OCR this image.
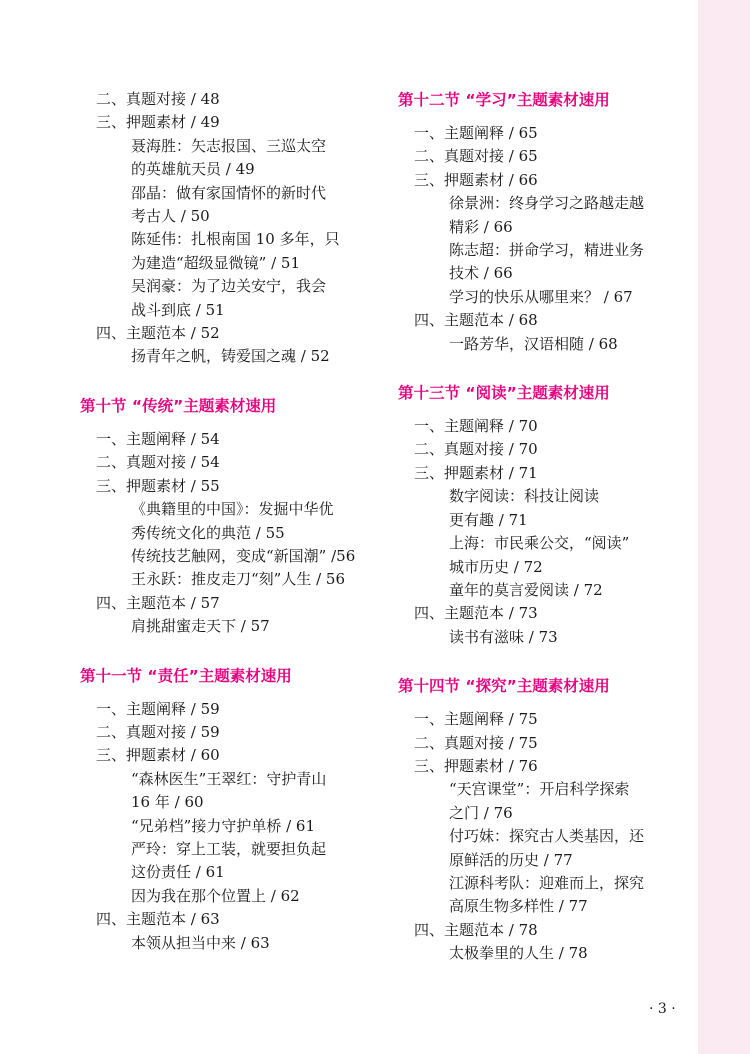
二、真题对接 / 48
三、押题素材 / 49
聂海胜：矢志报国、三巡太空
的英雄航天员 / 49
邵晶：做有家国情怀的新时代
考古人 / 50
陈延伟：扎根南国 10 多年，只
为建造“超级显微镜” / 51
吴润豪：为了边关安宁，我会
战斗到底 / 51
四、主题范本 / 52
扬青年之帆，铸爱国之魂 / 52
第十节 “传统”主题素材速用
一、主题阐释 / 54
二、真题对接 / 54
三、押题素材 / 55
《典籍里的中国》：发掘中华优
秀传统文化的典范 / 55
传统技艺触网，变成“新国潮” /56
王永跃：推皮走刀“刻”人生 / 56
四、主题范本 / 57
肩挑甜蜜走天下 / 57
第十一节 “责任”主题素材速用
一、主题阐释 / 59
二、真题对接 / 59
三、押题素材 / 60
“森林医生”王翠红：守护青山
16 年 / 60
“兄弟档”接力守护单桥 / 61
严玲：穿上工装，就要担负起
这份责任 / 61
因为我在那个位置上 / 62
四、主题范本 / 63
本领从担当中来 / 63
第十二节 “学习”主题素材速用
一、主题阐释 / 65
二、真题对接 / 65
三、押题素材 / 66
徐景洲：终身学习之路越走越
精彩 / 66
陈志超：拼命学习，精进业务
技术 / 66
学习的快乐从哪里来？ / 67
四、主题范本 / 68
一路芳华，汉语相随 / 68
第十三节 “阅读”主题素材速用
一、主题阐释 / 70
二、真题对接 / 70
三、押题素材 / 71
数字阅读：科技让阅读
更有趣 / 71
上海：市民乘公交，“阅读”
城市历史 / 72
童年的莫言爱阅读 / 72
四、主题范本 / 73
读书有滋味 / 73
第十四节 “探究”主题素材速用
一、主题阐释 / 75
二、真题对接 / 75
三、押题素材 / 76
“天宫课堂”：开启科学探索
之门 / 76
付巧妹：探究古人类基因，还
原鲜活的历史 / 77
江源科考队：迎难而上，探究
高原生物多样性 / 77
四、主题范本 / 78
太极拳里的人生 / 78
· 3 ·
